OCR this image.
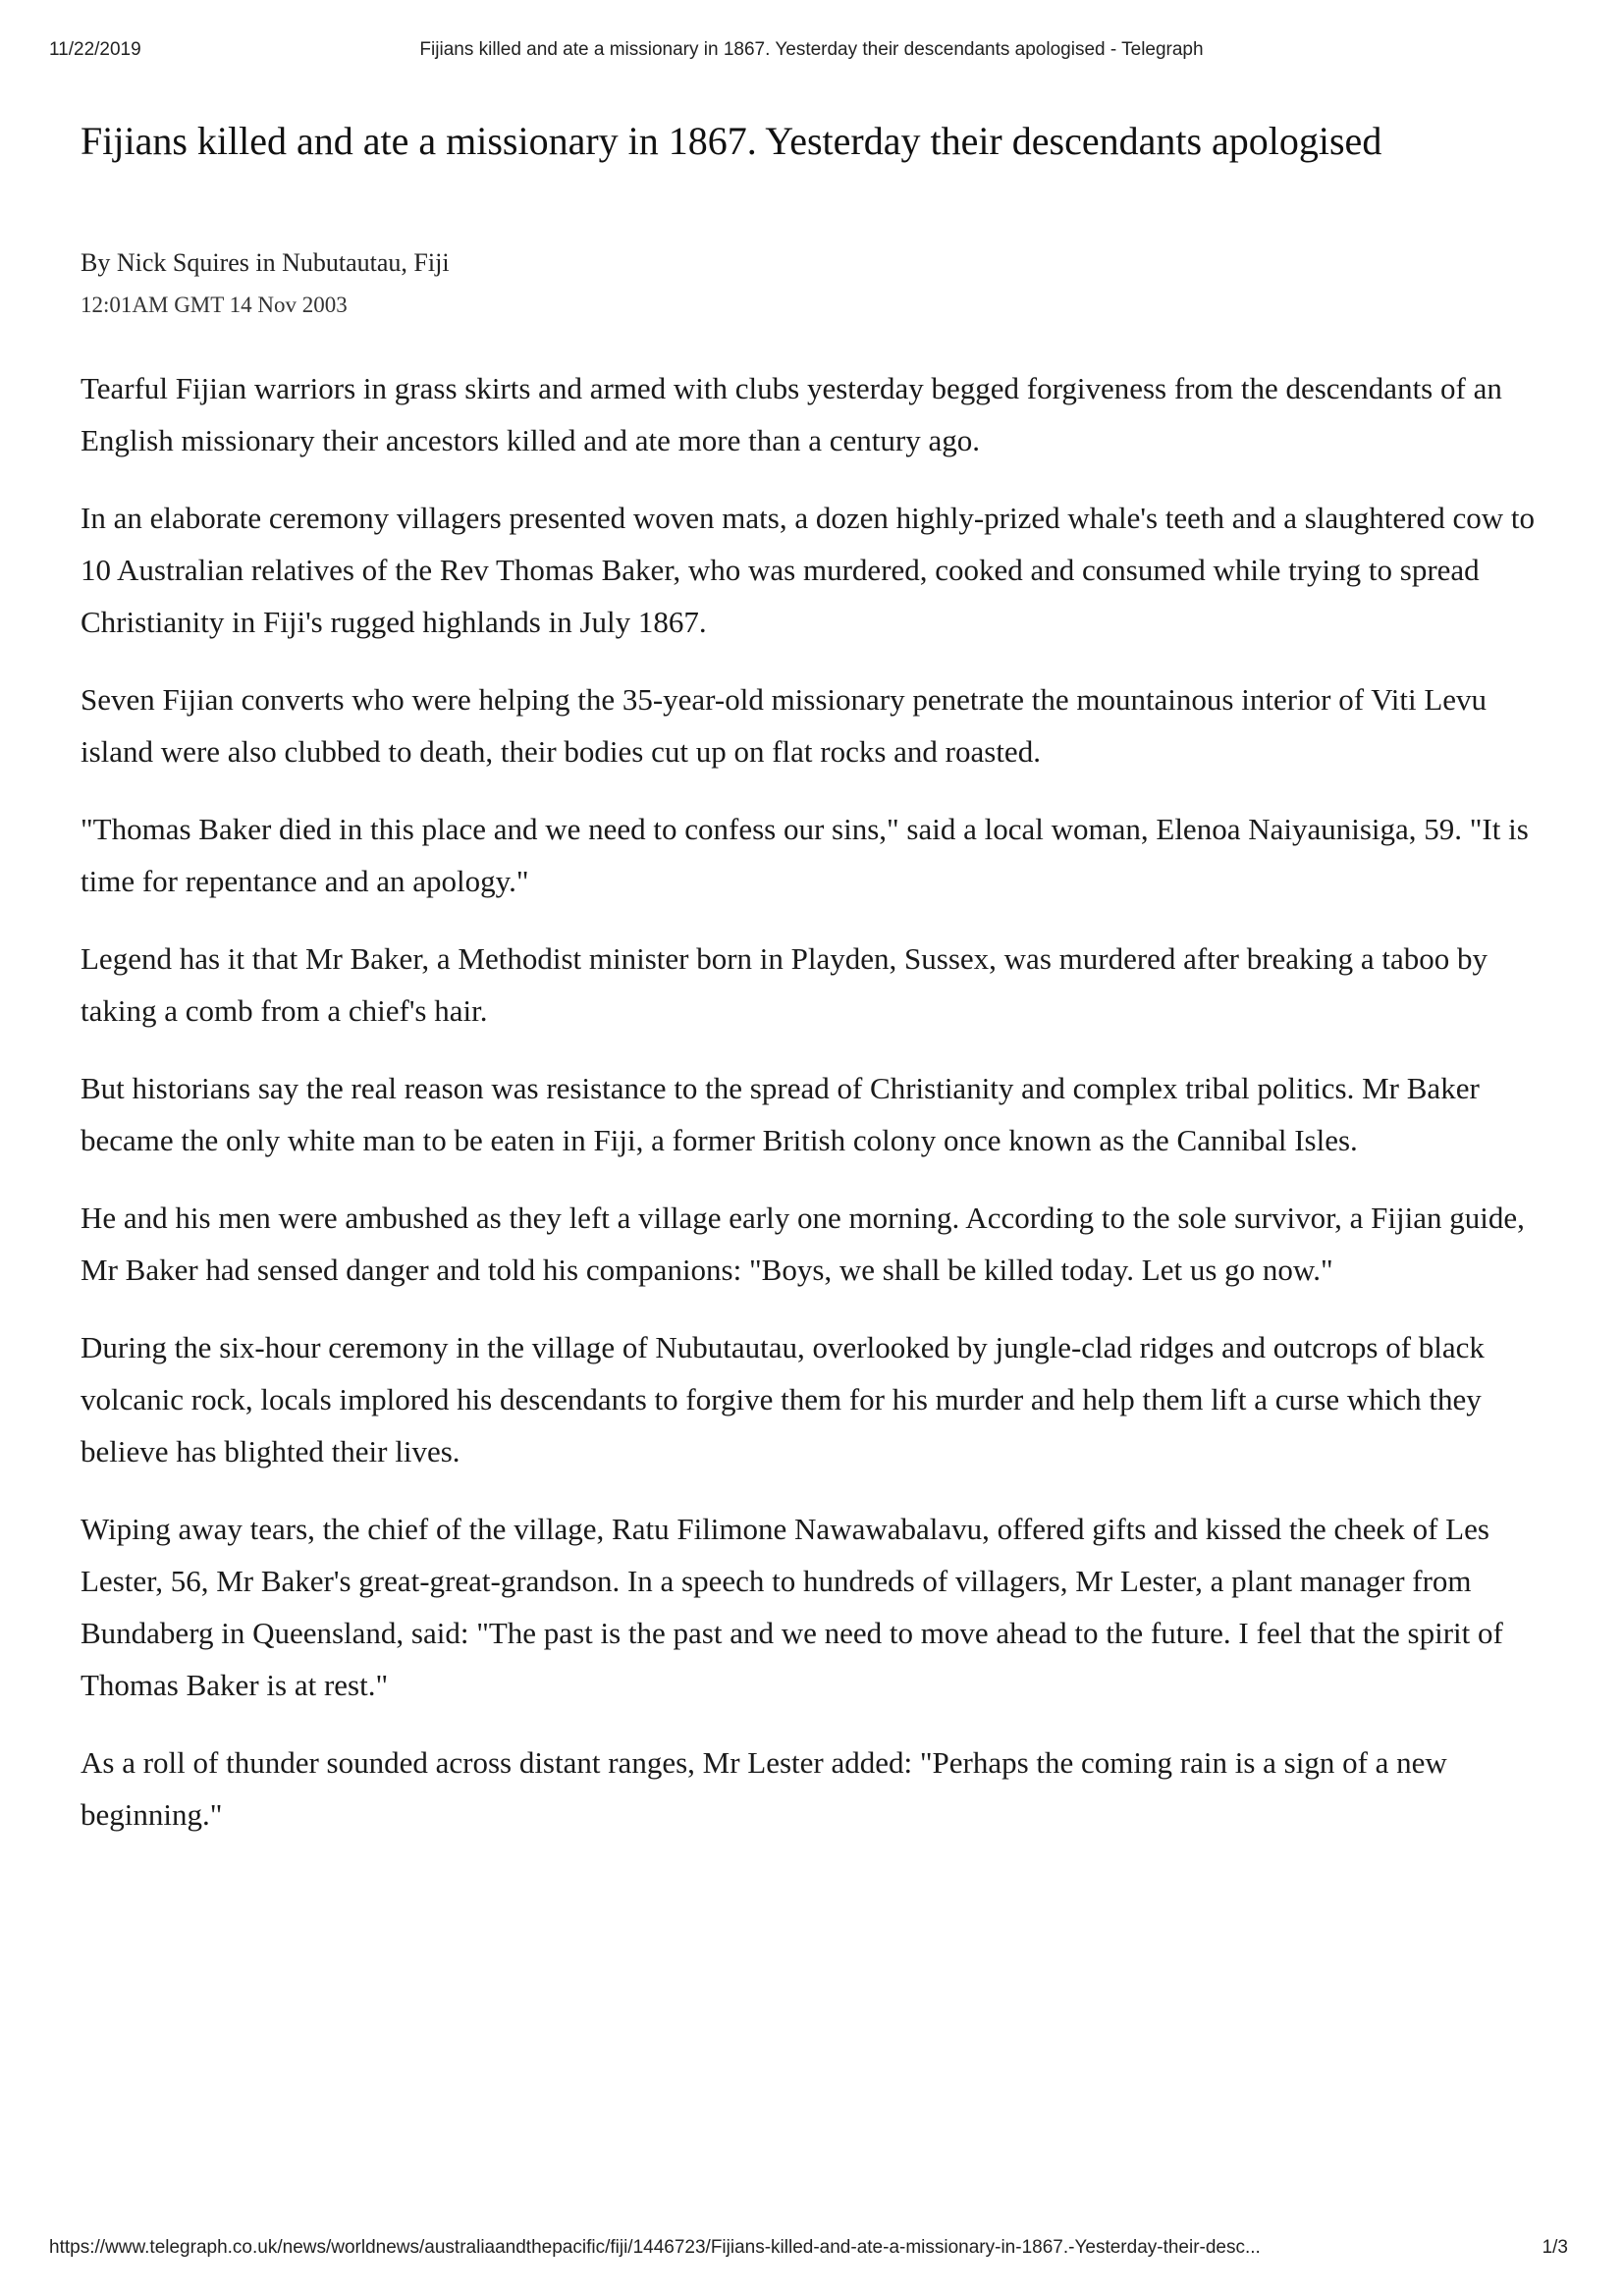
Fijians killed and ate a missionary in 1867. Yesterday their descendants apologised - Telegraph
11/22/2019
Fijians killed and ate a missionary in 1867. Yesterday their descendants apologised
By Nick Squires in Nubutautau, Fiji
12:01AM GMT 14 Nov 2003

Tearful Fijian warriors in grass skirts and armed with clubs yesterday begged forgiveness from the descendants of an English missionary their ancestors killed and ate more than a century ago.

In an elaborate ceremony villagers presented woven mats, a dozen highly-prized whale's teeth and a slaughtered cow to 10 Australian relatives of the Rev Thomas Baker, who was murdered, cooked and consumed while trying to spread Christianity in Fiji's rugged highlands in July 1867.

Seven Fijian converts who were helping the 35-year-old missionary penetrate the mountainous interior of Viti Levu island were also clubbed to death, their bodies cut up on flat rocks and roasted.

"Thomas Baker died in this place and we need to confess our sins," said a local woman, Elenoa Naiyaunisiga, 59. "It is time for repentance and an apology."

Legend has it that Mr Baker, a Methodist minister born in Playden, Sussex, was murdered after breaking a taboo by taking a comb from a chief's hair.

But historians say the real reason was resistance to the spread of Christianity and complex tribal politics. Mr Baker became the only white man to be eaten in Fiji, a former British colony once known as the Cannibal Isles.

He and his men were ambushed as they left a village early one morning. According to the sole survivor, a Fijian guide, Mr Baker had sensed danger and told his companions: "Boys, we shall be killed today. Let us go now."

During the six-hour ceremony in the village of Nubutautau, overlooked by jungle-clad ridges and outcrops of black volcanic rock, locals implored his descendants to forgive them for his murder and help them lift a curse which they believe has blighted their lives.

Wiping away tears, the chief of the village, Ratu Filimone Nawawabalavu, offered gifts and kissed the cheek of Les Lester, 56, Mr Baker's great-great-grandson. In a speech to hundreds of villagers, Mr Lester, a plant manager from Bundaberg in Queensland, said: "The past is the past and we need to move ahead to the future. I feel that the spirit of Thomas Baker is at rest."

As a roll of thunder sounded across distant ranges, Mr Lester added: "Perhaps the coming rain is a sign of a new beginning."

https://www.telegraph.co.uk/news/worldnews/australiaandthepacific/fiji/1446723/Fijians-killed-and-ate-a-missionary-in-1867.-Yesterday-their-desc...	1/3
